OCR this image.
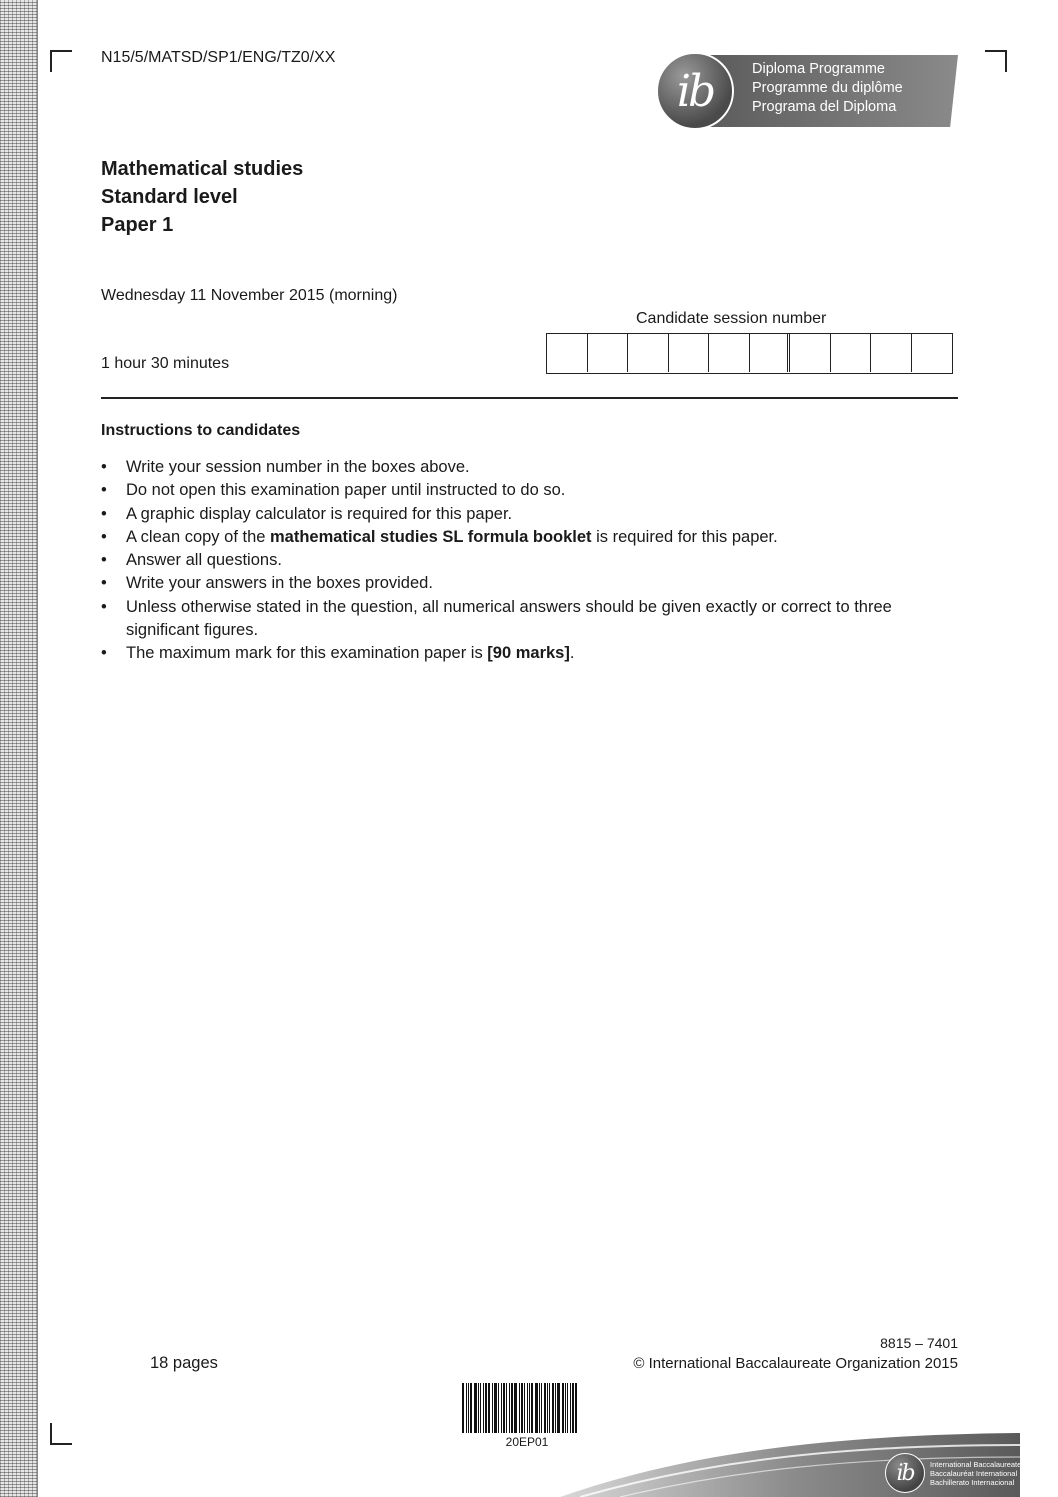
N15/5/MATSD/SP1/ENG/TZ0/XX
ib	Diploma Programme
Programme du diplôme
Programa del Diploma
Mathematical studies
Standard level
Paper 1
Wednesday 11 November 2015 (morning)
1 hour 30 minutes
Candidate session number
Instructions to candidates
• Write your session number in the boxes above.
• Do not open this examination paper until instructed to do so.
• A graphic display calculator is required for this paper.
• A clean copy of the mathematical studies SL formula booklet is required for this paper.
• Answer all questions.
• Write your answers in the boxes provided.
• Unless otherwise stated in the question, all numerical answers should be given exactly or correct to three significant figures.
• The maximum mark for this examination paper is [90 marks].
8815 – 7401
18 pages	© International Baccalaureate Organization 2015
20EP01
ib International Baccalaureate
Baccalauréat International
Bachillerato Internacional
